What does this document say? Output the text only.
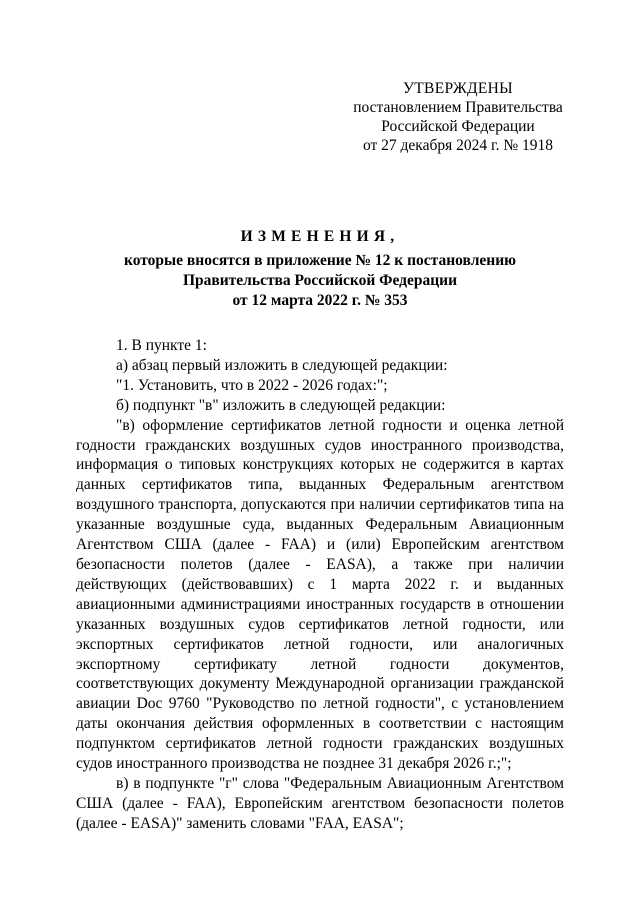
УТВЕРЖДЕНЫ
постановлением Правительства
Российской Федерации
от 27 декабря 2024 г. № 1918
ИЗМЕНЕНИЯ,
которые вносятся в приложение № 12 к постановлению
Правительства Российской Федерации
от 12 марта 2022 г. № 353

1. В пункте 1:

а) абзац первый изложить в следующей редакции:

"1. Установить, что в 2022 - 2026 годах:";

б) подпункт "в" изложить в следующей редакции:

"в) оформление сертификатов летной годности и оценка летной годности гражданских воздушных судов иностранного производства, информация о типовых конструкциях которых не содержится в картах данных сертификатов типа, выданных Федеральным агентством воздушного транспорта, допускаются при наличии сертификатов типа на указанные воздушные суда, выданных Федеральным Авиационным Агентством США (далее - FAA) и (или) Европейским агентством безопасности полетов (далее - EASA), а также при наличии действующих (действовавших) с 1 марта 2022 г. и выданных авиационными администрациями иностранных государств в отношении указанных воздушных судов сертификатов летной годности, или экспортных сертификатов летной годности, или аналогичных экспортному сертификату летной годности документов, соответствующих документу Международной организации гражданской авиации Doc 9760 "Руководство по летной годности", с установлением даты окончания действия оформленных в соответствии с настоящим подпунктом сертификатов летной годности гражданских воздушных судов иностранного производства не позднее 31 декабря 2026 г.;";

в) в подпункте "г" слова "Федеральным Авиационным Агентством США (далее - FAA), Европейским агентством безопасности полетов (далее - EASA)" заменить словами "FAA, EASA";
